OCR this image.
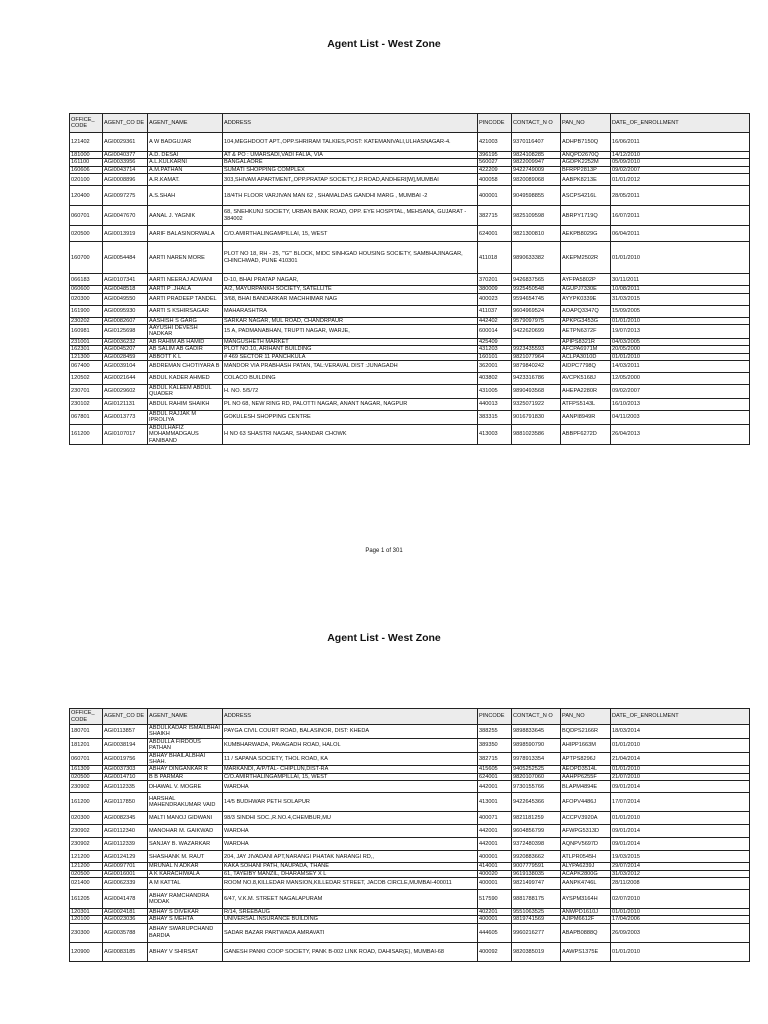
Agent List - West Zone
OFFICE_ CODE	AGENT_CO DE	AGENT_NAME	ADDRESS	PINCODE	CONTACT_N O	PAN_NO	DATE_OF_ENROLLMENT
121402	AGI0029361	A W BADGUJAR	104,MEGHDOOT APT.,OPP.SHRIRAM TALKIES,POST: KATEMANIVALI,ULHASNAGAR-4.	421003	9370116407	ADHPB7150Q	16/06/2011
181000	AGI0040377	A.D. DESAI	AT & PO : UMARSADI,VADI FALIA, VIA	396195	9824108285	ANQPD2670Q	14/12/2010
161100	AGI0033956	A.L.KULKARNI	BANGALAORE	560027	9822009947	AGDPK2252M	05/09/2010
160606	AGI0043714	A.M.PATHAN	SUMATI SHOPPING COMPLEX	422209	9422749009	BFRPP2813P	09/02/2007
020100	AGI0008896	A.R.KAMAT.	303,SHIVAM APARTMENT,,OPP.PRATAP SOCIETY,J.P.ROAD,ANDHERI[W],MUMBAI	400058	9820089068	AABPK8213E	01/01/2012
120400	AGI0097275	A.S.SHAH	18/4TH FLOOR VARJIVAN MAN 62 , SHAMALDAS GANDHI MARG , MUMBAI -2	400001	9049598855	ASCPS4216L	28/05/2011
060701	AGI0047670	AANAL J. YAGNIK	68, SNEHKUNJ SOCIETY, URBAN BANK ROAD, OPP. EYE HOSPITAL, MEHSANA, GUJARAT - 384002	382715	9825109598	ABRPY1719Q	16/07/2011
020500	AGI0013919	AARIF BALASINORWALA	C/O.AMIRTHALINGAMPILLAI, 15, WEST	624001	9821300810	AEKPB8029G	06/04/2011
160700	AGI0054484	AARTI NAREN MORE	PLOT NO 18, RH - 25, "'G"' BLOCK, MIDC SINHGAD HOUSING SOCIETY, SAMBHAJINAGAR, CHINCHWAD, PUNE 410301	411018	9890633382	AKEPM2502R	01/01/2010
066183	AGI0107341	AARTI NEERAJ ADWANI	D-10, BHAI PRATAP NAGAR,	370201	9426837565	AYFPA5802P	30/11/2011
060600	AGI0048518	AARTI P .JHALA	A/2, MAYURPANKH SOCIETY, SATELLITE	380009	9925450548	AGUPJ7330E	10/08/2011
020300	AGI0049550	AARTI PRADEEP TANDEL	3/68, BHAI BANDARKAR MACHHIMAR NAG	400023	9594654745	AYYPK0339E	31/03/2015
161900	AGI0095930	AARTI S KSHIRSAGAR	MAHARASHTRA	411037	9604969524	AOAPQ3347Q	15/09/2005
230202	AGI0082607	AASHISH S GARG	SARKAR NAGAR, MUL ROAD, CHANDRPAUR	442402	9579097975	APKPG3453G	01/01/2010
160981	AGI0125698	AAYUSHI DEVESH NADKAR	15 A, PADMANABHAN, TRUPTI NAGAR, WARJE,	600014	9422620699	AETPN6372F	19/07/2013
231001	AGI0036232	AB RAHIM AB HAMID	MANGUSHETH MARKET	425409		APIPS8321R	04/03/2005
162301	AGI0045207	AB SALIM AB GADIR	PLOT NO.10, ARIHANT BUILDING	431203	9923435593	AFCPA6971M	20/05/2000
121300	AGI0028459	ABBOTT K L	# 469 SECTOR 11 PANCHKULA	160101	9821077964	ACLPA3010D	01/01/2010
067400	AGI0039104	ABDREMAN CHOTIYARA B	MANDOR VIA PRABHASH PATAN, TAL:VERAVAL DIST :JUNAGADH	362001	9879840242	AIDPC7798Q	14/03/2011
120502	AGI0021644	ABDUL KADER AHMED	COLACO BUILDING	403802	9423316786	AVCPK5168J	12/05/2000
230701	AGI0029602	ABDUL KALEEM ABDUL QUADER	H. NO. 5/5/72	431005	9890493568	AHEPA2280R	09/02/2007
230102	AGI0121131	ABDUL RAHIM SHAIKH	PL NO 68, NEW RING RD, PALOTTI NAGAR, ANANT NAGAR, NAGPUR	440013	9325071922	ATFPS5143L	16/10/2013
067801	AGI0013773	ABDUL RAJJAK M IPROLIYA	GOKULESH SHOPPING CENTRE	383315	9016791830	AANPI8949R	04/11/2003
161200	AGI0107017	ABDULHAFIZ MOHAMMADGAUS FANIBAND	H NO 63 SHASTRI NAGAR, SHANDAR CHOWK	413003	9881023586	ABBPF6272D	26/04/2013
Page 1 of 301
Agent List - West Zone
OFFICE_ CODE	AGENT_CO DE	AGENT_NAME	ADDRESS	PINCODE	CONTACT_N O	PAN_NO	DATE_OF_ENROLLMENT
180701	AGI0113857	ABDULKADAR ISMAILBHAI SHAIKH	PAYGA CIVIL COURT ROAD, BALASINOR, DIST: KHEDA	388255	9898833645	BQDPS2166R	18/03/2014
181201	AGI0038194	ABDULLA FIRDOUS PATHAN	KUMBHARWADA, PAVAGADH ROAD, HALOL	389350	9898590790	AHIPP1663M	01/01/2010
060701	AGI0019756	ABHAY BHAILALBHAI SHAH.	11 / SAPANA SOCIETY, THOL ROAD, KA	382715	9978913354	APTPS8296J	21/04/2014
161309	AGI0037303	ABHAY DINGANKAR R	MARKANDI, A/P/TAL- CHIPLUN,DIST-RA	415605	9405252525	AEOPD3514L	01/01/2010
020500	AGI0014710	B B PARMAR	C/O.AMIRTHALINGAMPILLAI, 15, WEST	624001	9820107060	AAHPP6255F	21/07/2010
230902	AGI0112335	DHAWAL V. MOGRE	WARDHA	442001	9730155766	BLAPM4894E	09/01/2014
161200	AGI0117850	HARSHAL MAHENDRAKUMAR VAID	14/5 BUDHWAR PETH SOLAPUR	413001	9422645366	AFOPV4486J	17/07/2014
020300	AGI0082345	MALTI MANOJ GIDWANI	98/3 SINDHI SOC.,R.NO.4,CHEMBUR,MU	400071	9821181259	ACCPV3920A	01/01/2010
230902	AGI0112340	MANOHAR M. GAIKWAD	WARDHA	442001	9604856799	AFWPG5313D	09/01/2014
230902	AGI0112339	SANJAY B. WAZARKAR	WARDHA	442001	9372480398	AQNPV5697D	09/01/2014
121200	AGI0124129	SHASHANK M. RAUT	204, JAY JIVADANI APT,NARANGI PHATAK NARANGI RD,,	400001	9920883662	ATLPR0545H	19/03/2015
121200	AGI0097701	MRUNAL N ADKAR	KAKA SOHANI PATH, NAUPADA, THANE	414001	9007779591	ALYPA6239J	29/07/2014
020500	AGI0016001	A K KARACHIWALA	61, TAYEIBY MANZIL, DHARAMSEY X L	400020	9619138035	ACAPK2800G	31/03/2012
021400	AGI0062339	A M KATTAL	ROOM NO.8,KILLEDAR MANSION,KILLEDAR STREET, JACOB CIRCLE,MUMBAI-400011	400001	9821499747	AANPK4746L	28/11/2008
161205	AGI0041478	ABHAY RAMCHANDRA MODAK	6/47, V.K.M. STREET NAGALAPURAM	517590	9881788175	AYSPM3164H	02/07/2010
120301	AGI0024181	ABHAY S DIVEKAR	R/14, SREEBAUG	402201	9551063525	ANWPD1610J	01/01/2010
120100	AGI0023036	ABHAY S MEHTA	UNIVERSAL INSURANCE BUILDING	400001	9819741569	AJIPM6612F	17/04/2006
230300	AGI0035788	ABHAY SWARUPCHAND BARDIA	SADAR BAZAR PARTWADA AMRAVATI	444605	9960216277	ABAPB0888Q	26/09/2003
120900	AGI0083185	ABHAY V SHIRSAT	GANESH PANKI COOP SOCIETY, PANK B-002 LINK ROAD, DAHISAR(E), MUMBAI-68	400092	9820385019	AAWPS1375E	01/01/2010
